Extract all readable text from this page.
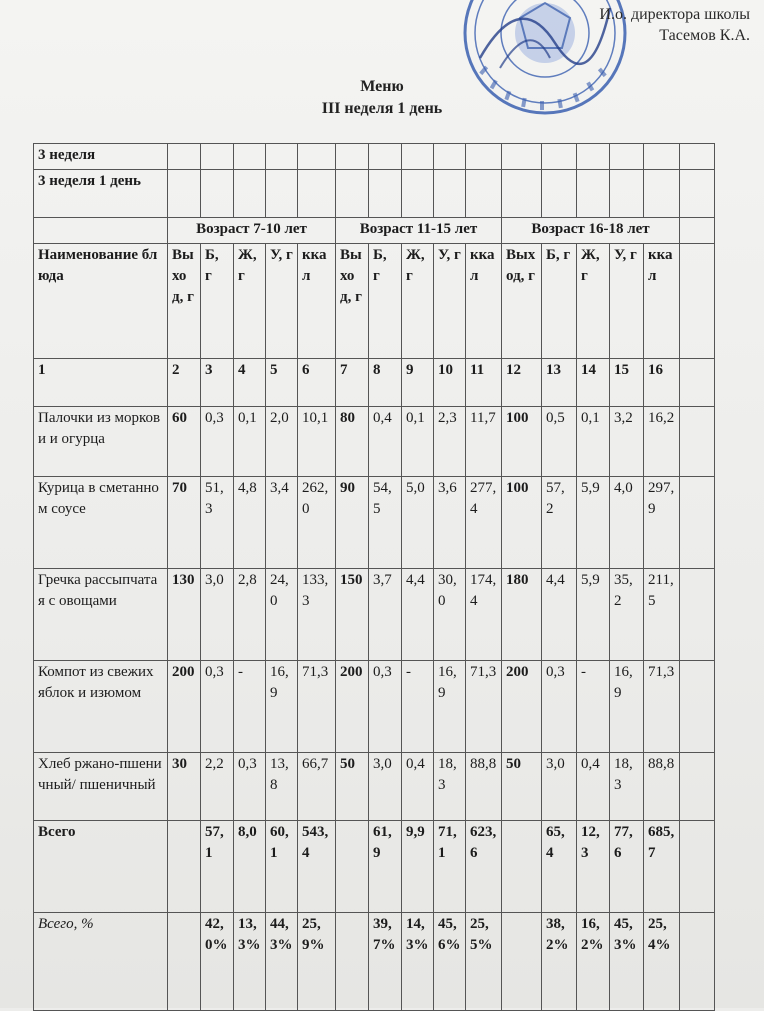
И.о. директора школы
Тасемов К.А.
Меню
III неделя 1 день
3 неделя																
3 неделя 1 день																
	Возраст 7-10 лет					Возраст 11-15 лет					Возраст 16-18 лет					
Наименование блюда	Выход, г	Б, г	Ж, г	У, г	ккал	Выход, г	Б, г	Ж, г	У, г	ккал	Выход, г	Б, г	Ж, г	У, г	ккал	
1	2	3	4	5	6	7	8	9	10	11	12	13	14	15	16	
Палочки из моркови и огурца	60	0,3	0,1	2,0	10,1	80	0,4	0,1	2,3	11,7	100	0,5	0,1	3,2	16,2	
Курица в сметанном соусе	70	51,3	4,8	3,4	262,0	90	54,5	5,0	3,6	277,4	100	57,2	5,9	4,0	297,9	
Гречка рассыпчатая с овощами	130	3,0	2,8	24,0	133,3	150	3,7	4,4	30,0	174,4	180	4,4	5,9	35,2	211,5	
Компот из свежих яблок и изюмом	200	0,3	-	16,9	71,3	200	0,3	-	16,9	71,3	200	0,3	-	16,9	71,3	
Хлеб ржано-пшеничный/ пшеничный	30	2,2	0,3	13,8	66,7	50	3,0	0,4	18,3	88,8	50	3,0	0,4	18,3	88,8	
Всего		57,1	8,0	60,1	543,4		61,9	9,9	71,1	623,6		65,4	12,3	77,6	685,7	
Всего, %		42,0%	13,3%	44,3%	25,9%		39,7%	14,3%	45,6%	25,5%		38,2%	16,2%	45,3%	25,4%	
